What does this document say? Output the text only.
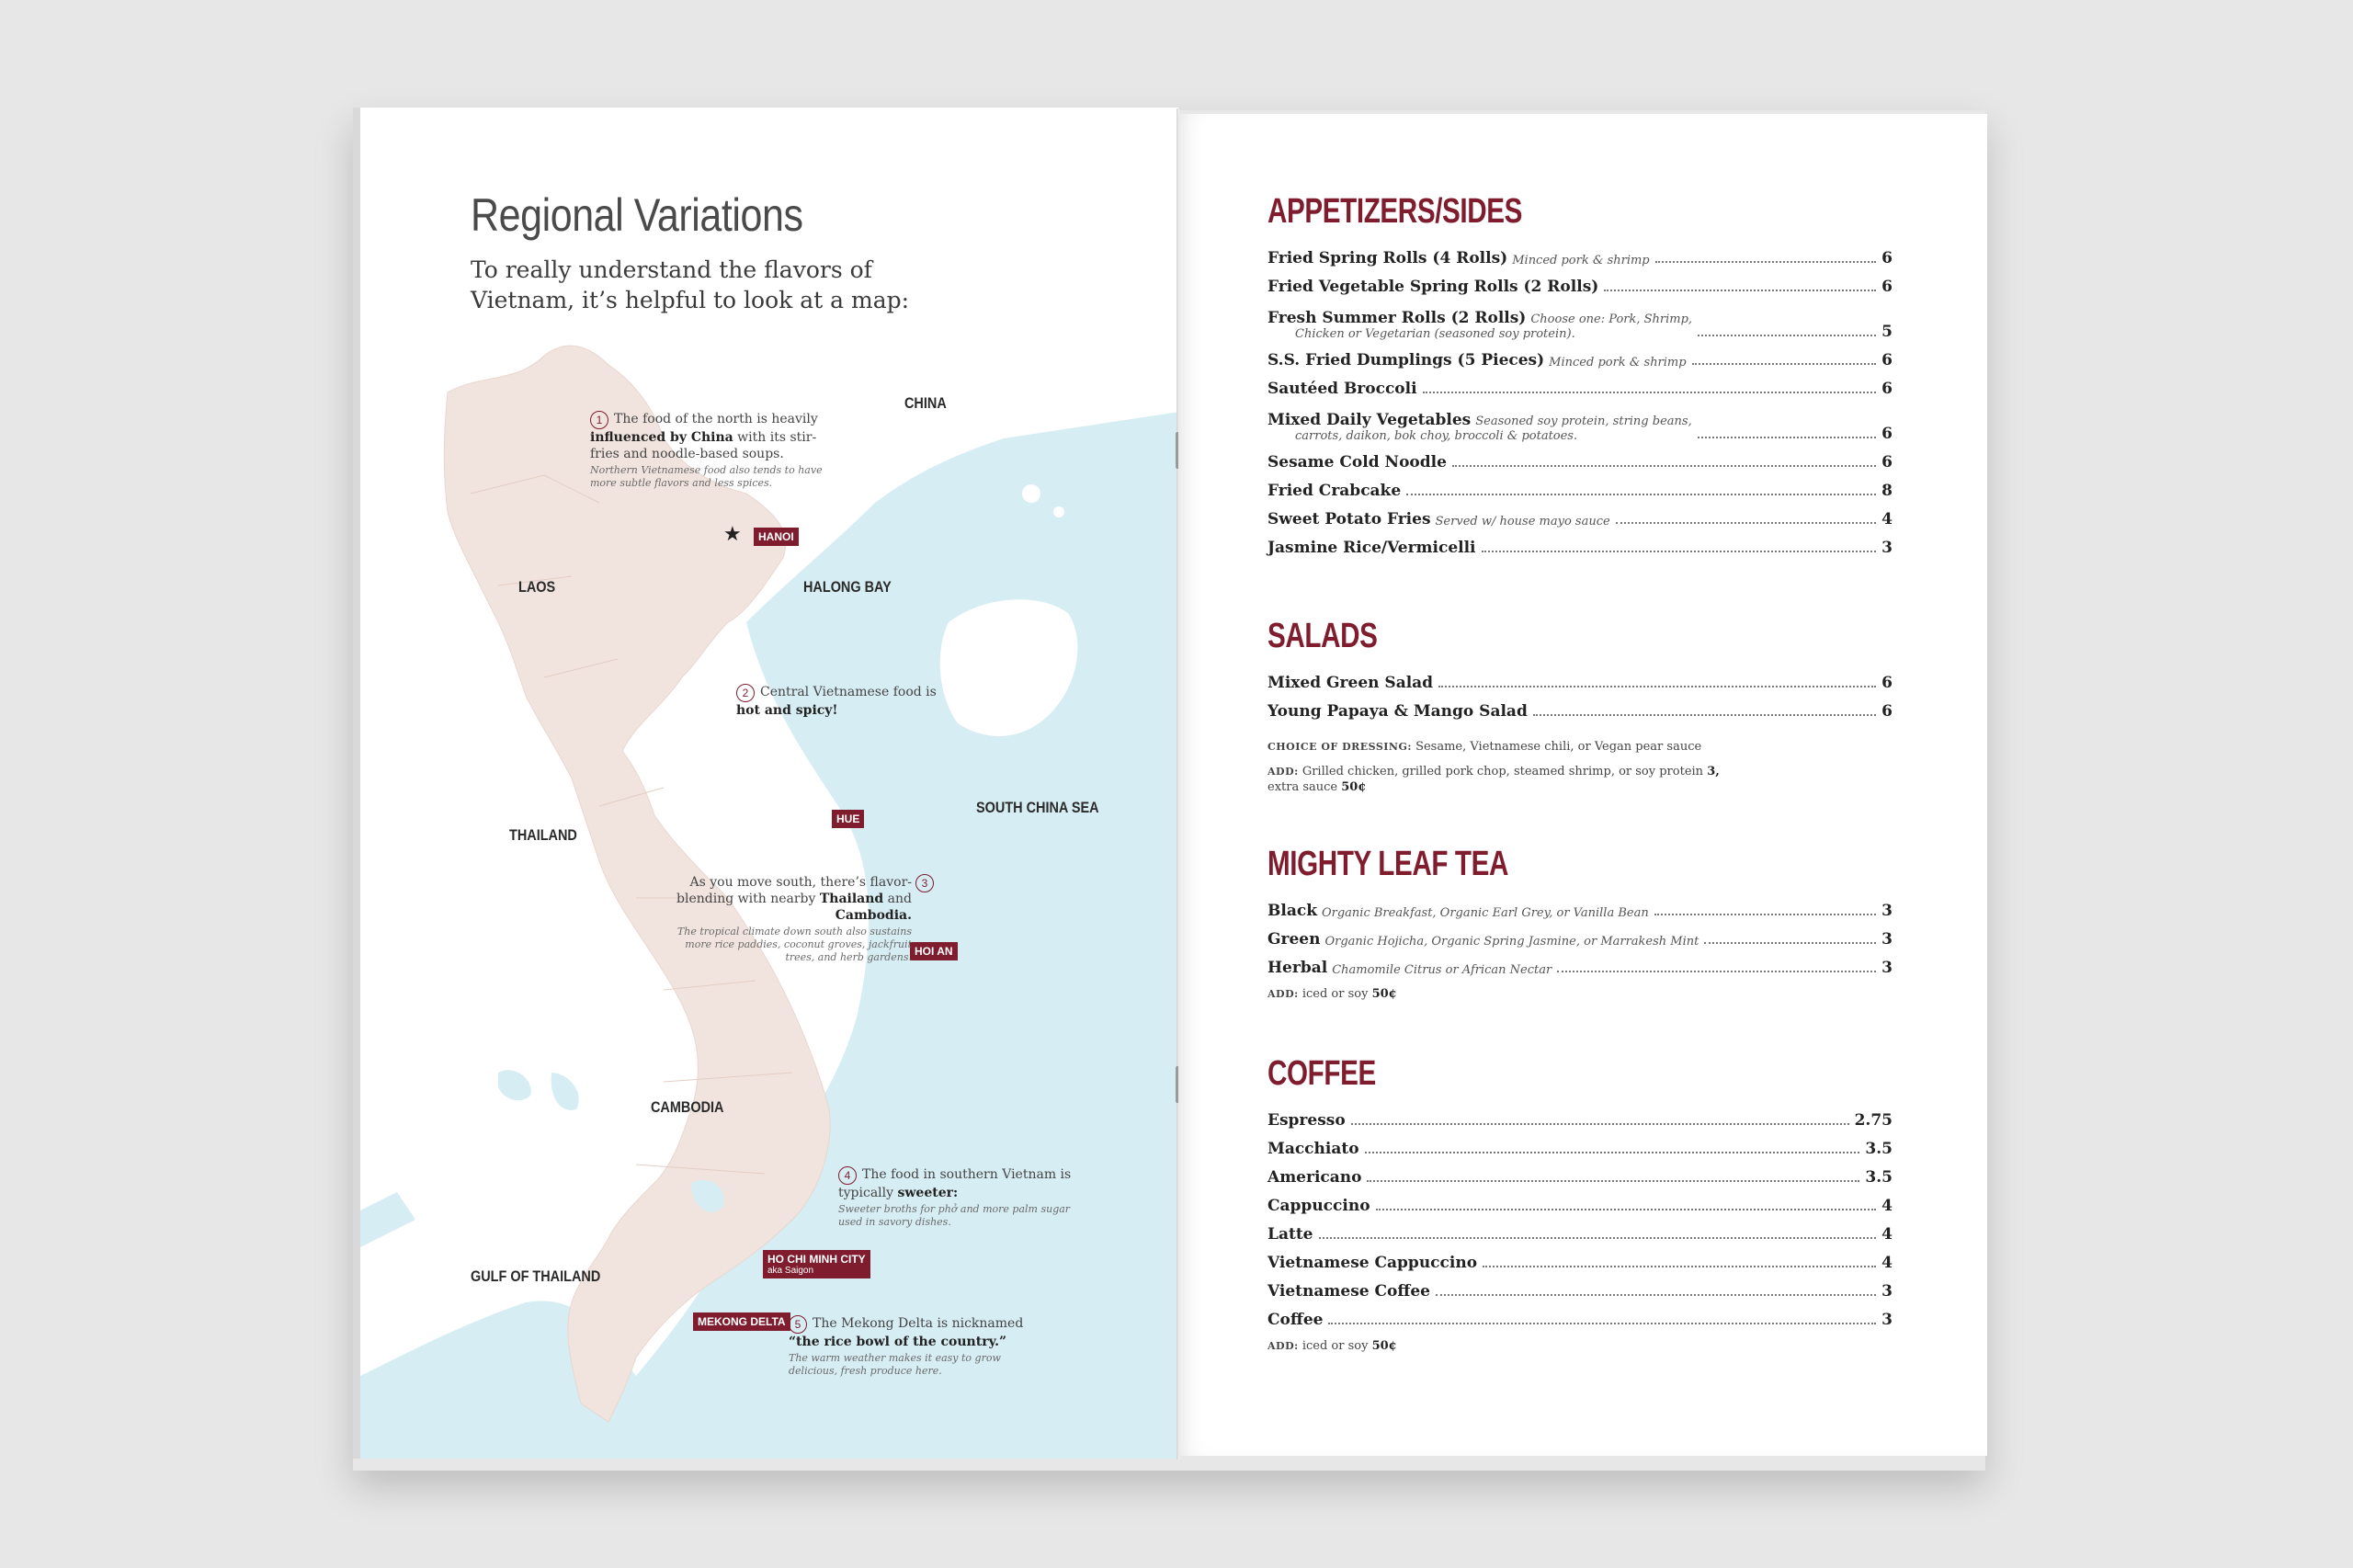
Regional Variations

To really understand the flavors of Vietnam, it’s helpful to look at a map:

CHINA
LAOS	HALONG BAY
THAILAND
SOUTH CHINA SEA
CAMBODIA
GULF OF THAILAND
★	HANOI
HUE
HOI AN
HO CHI MINH CITY
aka Saigon
MEKONG DELTA
1 The food of the north is heavily influenced by China with its stir-fries and noodle-based soups.
Northern Vietnamese food also tends to have more subtle flavors and less spices.
2 Central Vietnamese food is hot and spicy!
As you move south, there’s flavor-blending with nearby Thailand and Cambodia.
The tropical climate down south also sustains more rice paddies, coconut groves, jackfruit trees, and herb gardens.
3
4 The food in southern Vietnam is typically sweeter:
Sweeter broths for phở and more palm sugar used in savory dishes.
5 The Mekong Delta is nicknamed “the rice bowl of the country.”
The warm weather makes it easy to grow delicious, fresh produce here.
APPETIZERS/SIDES
Fried Spring Rolls (4 Rolls) Minced pork & shrimp	6
Fried Vegetable Spring Rolls (2 Rolls)	6
Fresh Summer Rolls (2 Rolls) Choose one: Pork, Shrimp,
Chicken or Vegetarian (seasoned soy protein).	5
S.S. Fried Dumplings (5 Pieces) Minced pork & shrimp	6
Sautéed Broccoli	6
Mixed Daily Vegetables Seasoned soy protein, string beans,
carrots, daikon, bok choy, broccoli & potatoes.	6
Sesame Cold Noodle	6
Fried Crabcake	8
Sweet Potato Fries Served w/ house mayo sauce	4
Jasmine Rice/Vermicelli	3
SALADS
Mixed Green Salad	6
Young Papaya & Mango Salad	6
CHOICE OF DRESSING: Sesame, Vietnamese chili, or Vegan pear sauce
ADD: Grilled chicken, grilled pork chop, steamed shrimp, or soy protein 3,
extra sauce 50¢
MIGHTY LEAF TEA
Black Organic Breakfast, Organic Earl Grey, or Vanilla Bean	3
Green Organic Hojicha, Organic Spring Jasmine, or Marrakesh Mint	3
Herbal Chamomile Citrus or African Nectar	3
ADD: iced or soy 50¢
COFFEE
Espresso	2.75
Macchiato	3.5
Americano	3.5
Cappuccino	4
Latte	4
Vietnamese Cappuccino	4
Vietnamese Coffee	3
Coffee	3
ADD: iced or soy 50¢
